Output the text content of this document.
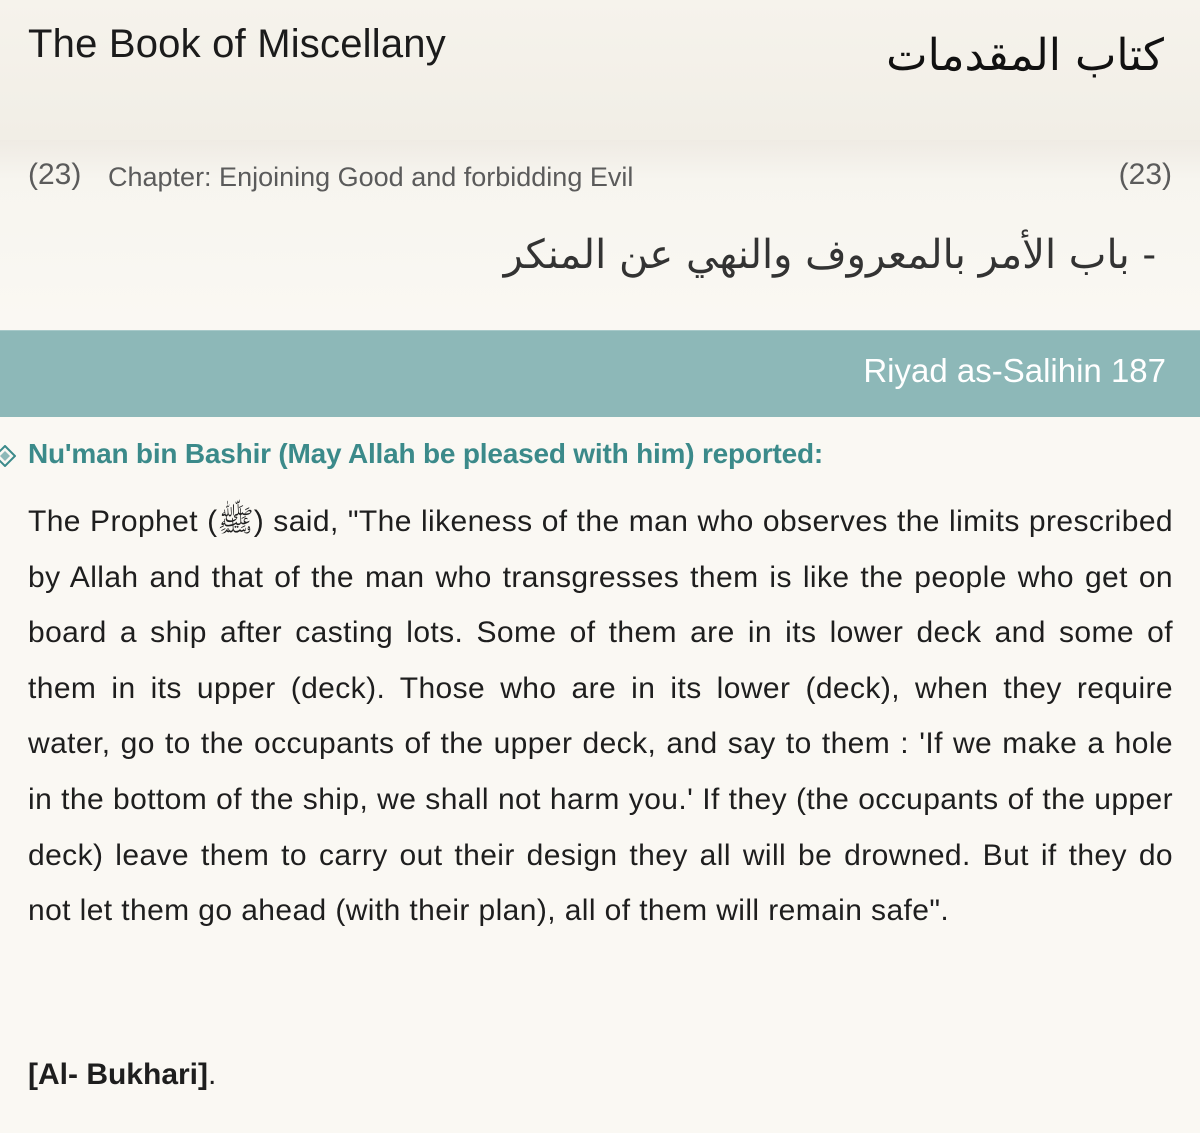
The Book of Miscellany	كتاب المقدمات
(23) Chapter: Enjoining Good and forbidding Evil	(23)
- باب الأمر بالمعروف والنهي عن المنكر
Riyad as-Salihin 187
Nu'man bin Bashir (May Allah be pleased with him) reported:
The Prophet (ﷺ) said, "The likeness of the man who observes the limits prescribed by Allah and that of the man who transgresses them is like the people who get on board a ship after casting lots. Some of them are in its lower deck and some of them in its upper (deck). Those who are in its lower (deck), when they require water, go to the occupants of the upper deck, and say to them : 'If we make a hole in the bottom of the ship, we shall not harm you.' If they (the occupants of the upper deck) leave them to carry out their design they all will be drowned. But if they do not let them go ahead (with their plan), all of them will remain safe".
[Al- Bukhari].
